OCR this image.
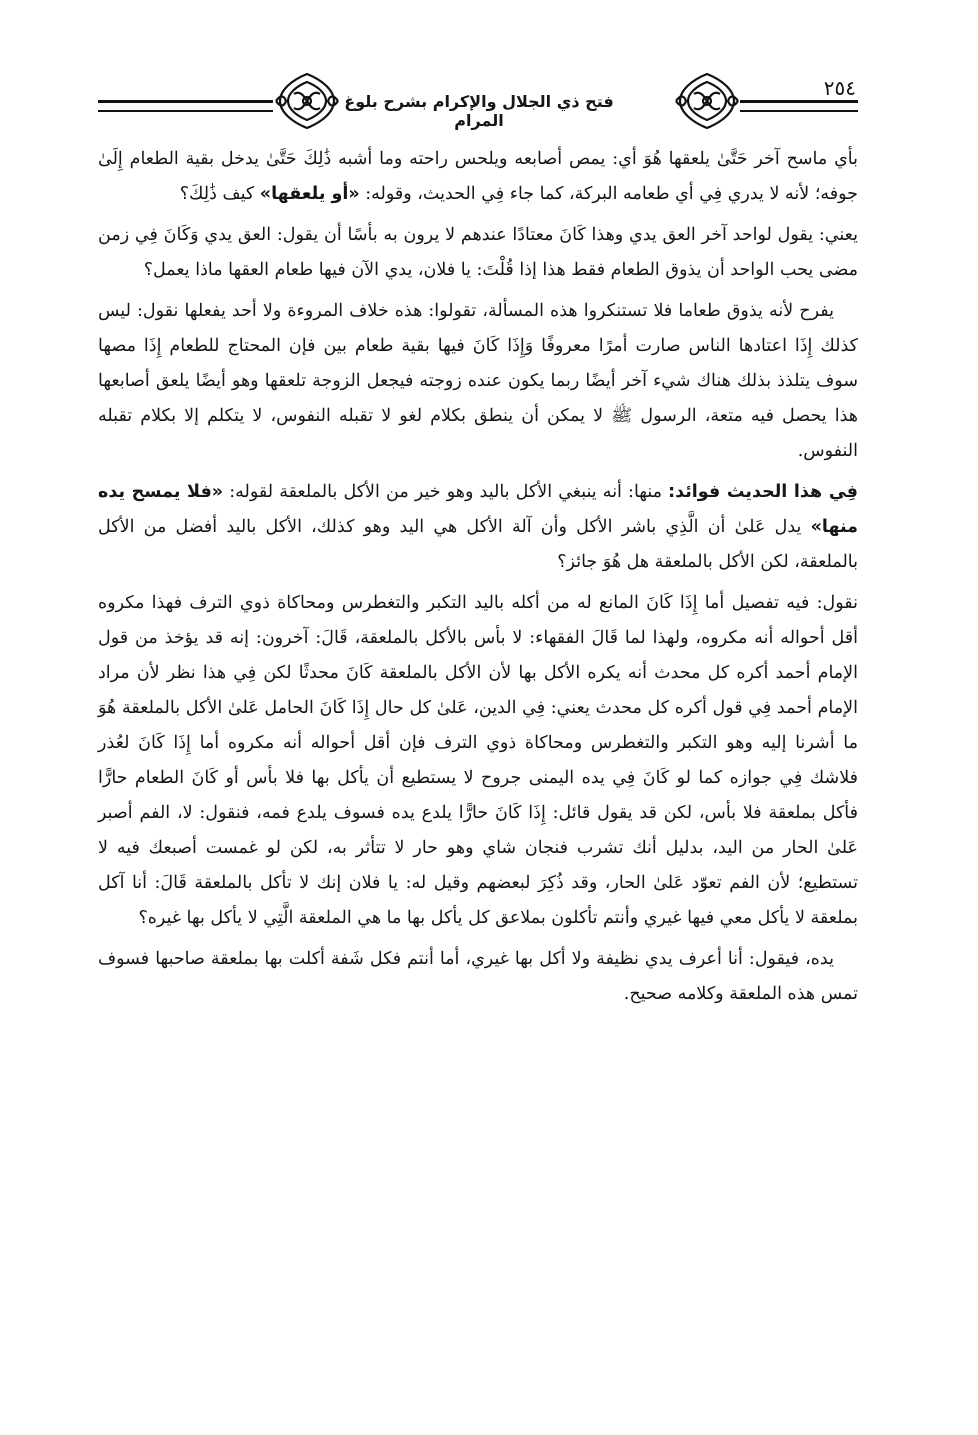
فتح ذي الجلال والإكرام بشرح بلوغ المرام
٢٥٤

بأي ماسح آخر حَتَّىٰ يلعقها هُوَ أي: يمص أصابعه ويلحس راحته وما أشبه ذَٰلِكَ حَتَّىٰ يدخل بقية الطعام إِلَىٰ جوفه؛ لأنه لا يدري فِي أي طعامه البركة، كما جاء فِي الحديث، وقوله: «أو يلعقها» كيف ذَٰلِكَ؟

يعني: يقول لواحد آخر العق يدي وهذا كَانَ معتادًا عندهم لا يرون به بأسًا أن يقول: العق يدي وَكَانَ فِي زمن مضى يحب الواحد أن يذوق الطعام فقط هذا إذا قُلْتَ: يا فلان، يدي الآن فيها طعام العقها ماذا يعمل؟

يفرح لأنه يذوق طعاما فلا تستنكروا هذه المسألة، تقولوا: هذه خلاف المروءة ولا أحد يفعلها نقول: ليس كذلك إِذَا اعتادها الناس صارت أمرًا معروفًا وَإِذَا كَانَ فيها بقية طعام بين فإن المحتاج للطعام إِذَا مصها سوف يتلذذ بذلك هناك شيء آخر أيضًا ربما يكون عنده زوجته فيجعل الزوجة تلعقها وهو أيضًا يلعق أصابعها هذا يحصل فيه متعة، الرسول ﷺ لا يمكن أن ينطق بكلام لغو لا تقبله النفوس، لا يتكلم إلا بكلام تقبله النفوس.

فِي هذا الحديث فوائد: منها: أنه ينبغي الأكل باليد وهو خير من الأكل بالملعقة لقوله: «فلا يمسح يده منها» يدل عَلىٰ أن الَّذِي باشر الأكل وأن آلة الأكل هي اليد وهو كذلك، الأكل باليد أفضل من الأكل بالملعقة، لكن الأكل بالملعقة هل هُوَ جائز؟

نقول: فيه تفصيل أما إِذَا كَانَ المانع له من أكله باليد التكبر والتغطرس ومحاكاة ذوي الترف فهذا مكروه أقل أحواله أنه مكروه، ولهذا لما قَالَ الفقهاء: لا بأس بالأكل بالملعقة، قَالَ: آخرون: إنه قد يؤخذ من قول الإمام أحمد أكره كل محدث أنه يكره الأكل بها لأن الأكل بالملعقة كَانَ محدثًا لكن فِي هذا نظر لأن مراد الإمام أحمد فِي قول أكره كل محدث يعني: فِي الدين، عَلىٰ كل حال إِذَا كَانَ الحامل عَلىٰ الأكل بالملعقة هُوَ ما أشرنا إليه وهو التكبر والتغطرس ومحاكاة ذوي الترف فإن أقل أحواله أنه مكروه أما إِذَا كَانَ لعُذر فلاشك فِي جوازه كما لو كَانَ فِي يده اليمنى جروح لا يستطيع أن يأكل بها فلا بأس أو كَانَ الطعام حارًّا فأكل بملعقة فلا بأس، لكن قد يقول قائل: إِذَا كَانَ حارًّا يلدع يده فسوف يلدع فمه، فنقول: لا، الفم أصبر عَلىٰ الحار من اليد، بدليل أنك تشرب فنجان شاي وهو حار لا تتأثر به، لكن لو غمست أصبعك فيه لا تستطيع؛ لأن الفم تعوّد عَلىٰ الحار، وقد ذُكِرَ لبعضهم وقيل له: يا فلان إنك لا تأكل بالملعقة قَالَ: أنا آكل بملعقة لا يأكل معي فيها غيري وأنتم تأكلون بملاعق كل يأكل بها ما هي الملعقة الَّتِي لا يأكل بها غيره؟

يده، فيقول: أنا أعرف يدي نظيفة ولا أكل بها غيري، أما أنتم فكل شَفة أكلت بها بملعقة صاحبها فسوف تمس هذه الملعقة وكلامه صحيح.
